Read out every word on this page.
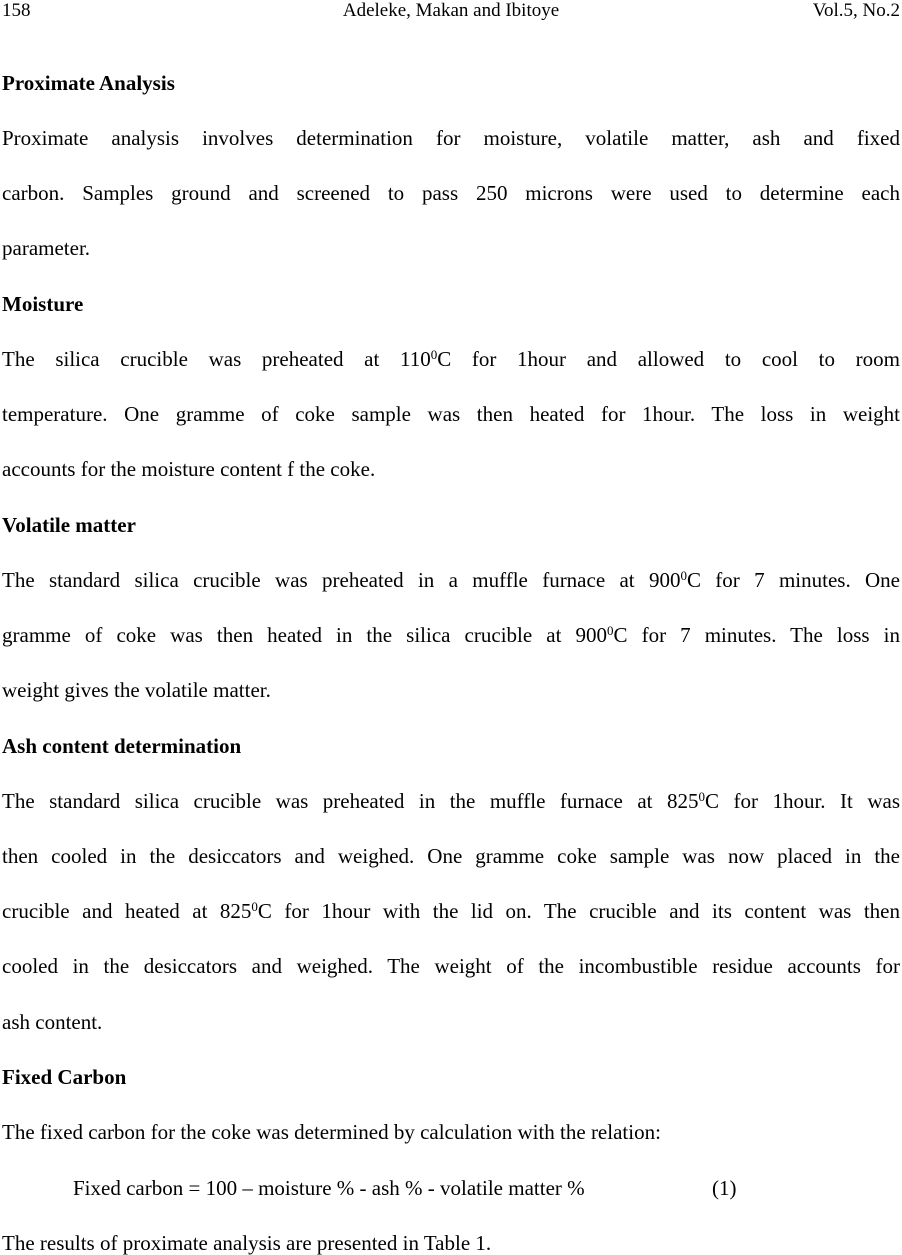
158	Adeleke, Makan and Ibitoye	Vol.5, No.2
Proximate Analysis
Proximate analysis involves determination for moisture, volatile matter, ash and fixed
carbon. Samples ground and screened to pass 250 microns were used to determine each
parameter.
Moisture
The silica crucible was preheated at $110^0C$ for 1hour and allowed to cool to room
temperature. One gramme of coke sample was then heated for 1hour. The loss in weight
accounts for the moisture content f the coke.
Volatile matter
The standard silica crucible was preheated in a muffle furnace at $900^0C$ for 7 minutes. One
gramme of coke was then heated in the silica crucible at $900^0C$ for 7 minutes. The loss in
weight gives the volatile matter.
Ash content determination
The standard silica crucible was preheated in the muffle furnace at $825^0C$ for 1hour. It was
then cooled in the desiccators and weighed. One gramme coke sample was now placed in the
crucible and heated at $825^0C$ for 1hour with the lid on. The crucible and its content was then
cooled in the desiccators and weighed. The weight of the incombustible residue accounts for
ash content.
Fixed Carbon
The fixed carbon for the coke was determined by calculation with the relation:
Fixed carbon = 100 – moisture % - ash % - volatile matter %	(1)
The results of proximate analysis are presented in Table 1.
